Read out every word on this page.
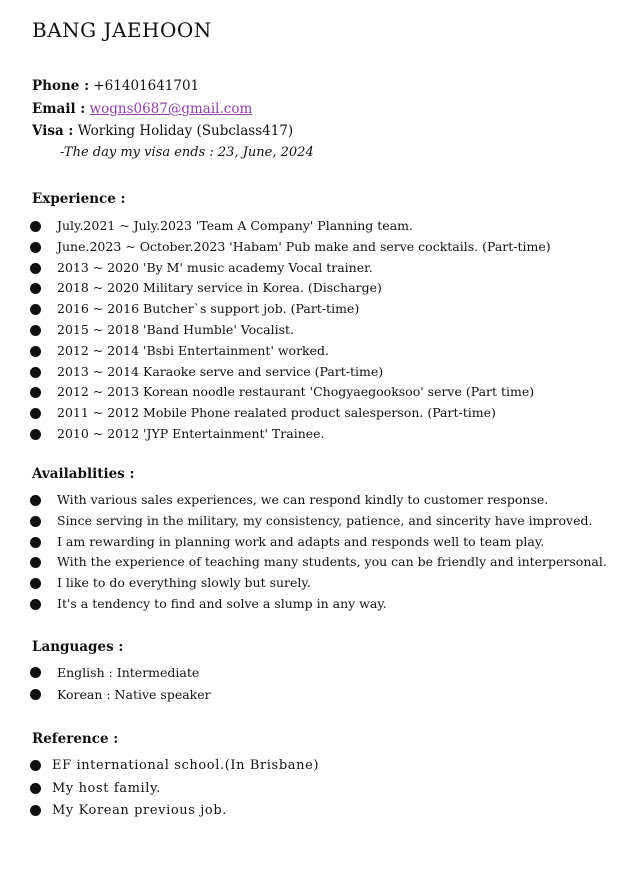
BANG JAEHOON
Phone : +61401641701
Email : wogns0687@gmail.com
Visa : Working Holiday (Subclass417)
-The day my visa ends : 23, June, 2024
Experience :
July.2021 ~ July.2023 'Team A Company' Planning team.
June.2023 ~ October.2023 'Habam' Pub make and serve cocktails. (Part-time)
2013 ~ 2020 'By M' music academy Vocal trainer.
2018 ~ 2020 Military service in Korea. (Discharge)
2016 ~ 2016 Butcher`s support job. (Part-time)
2015 ~ 2018 'Band Humble' Vocalist.
2012 ~ 2014 'Bsbi Entertainment' worked.
2013 ~ 2014 Karaoke serve and service (Part-time)
2012 ~ 2013 Korean noodle restaurant 'Chogyaegooksoo' serve (Part time)
2011 ~ 2012 Mobile Phone realated product salesperson. (Part-time)
2010 ~ 2012 'JYP Entertainment' Trainee.
Availablities :
With various sales experiences, we can respond kindly to customer response.
Since serving in the military, my consistency, patience, and sincerity have improved.
I am rewarding in planning work and adapts and responds well to team play.
With the experience of teaching many students, you can be friendly and interpersonal.
I like to do everything slowly but surely.
It's a tendency to find and solve a slump in any way.
Languages :
English : Intermediate
Korean : Native speaker
Reference :
EF international school.(In Brisbane)
My host family.
My Korean previous job.
